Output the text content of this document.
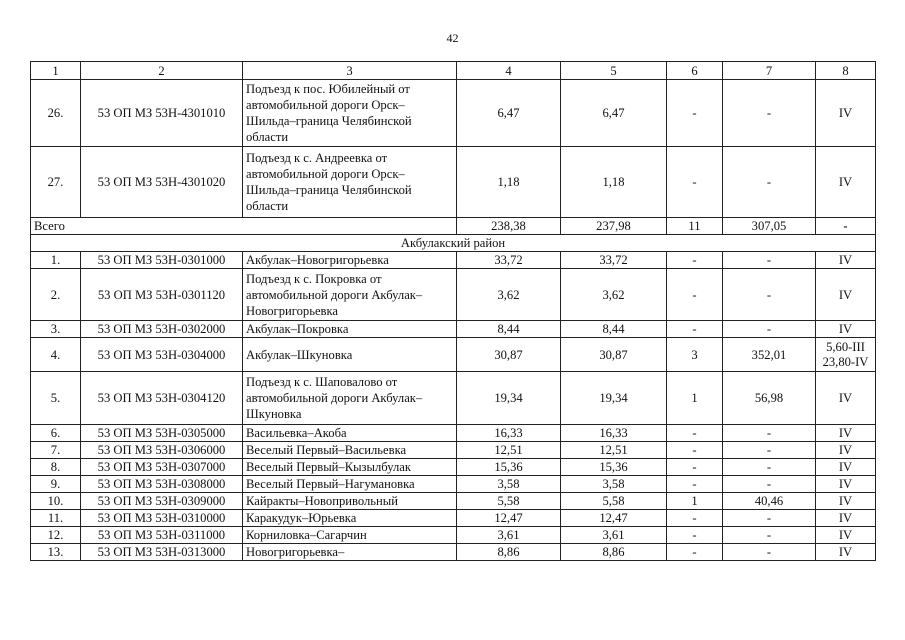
42
1	2	3	4	5	6	7	8
26.	53 ОП МЗ 53Н-4301010	Подъезд к пос. Юбилейный от автомобильной дороги Орск–Шильда–граница Челябинской области	6,47	6,47	-	-	IV
27.	53 ОП МЗ 53Н-4301020	Подъезд к с. Андреевка от автомобильной дороги Орск–Шильда–граница Челябинской области	1,18	1,18	-	-	IV
Всего			238,38	237,98	11	307,05	-
Акбулакский район							
1.	53 ОП МЗ 53Н-0301000	Акбулак–Новогригорьевка	33,72	33,72	-	-	IV
2.	53 ОП МЗ 53Н-0301120	Подъезд к с. Покровка от автомобильной дороги Акбулак–Новогригорьевка	3,62	3,62	-	-	IV
3.	53 ОП МЗ 53Н-0302000	Акбулак–Покровка	8,44	8,44	-	-	IV
4.	53 ОП МЗ 53Н-0304000	Акбулак–Шкуновка	30,87	30,87	3	352,01	5,60-III 23,80-IV
5.	53 ОП МЗ 53Н-0304120	Подъезд к с. Шаповалово от автомобильной дороги Акбулак–Шкуновка	19,34	19,34	1	56,98	IV
6.	53 ОП МЗ 53Н-0305000	Васильевка–Акоба	16,33	16,33	-	-	IV
7.	53 ОП МЗ 53Н-0306000	Веселый Первый–Васильевка	12,51	12,51	-	-	IV
8.	53 ОП МЗ 53Н-0307000	Веселый Первый–Кызылбулак	15,36	15,36	-	-	IV
9.	53 ОП МЗ 53Н-0308000	Веселый Первый–Нагумановка	3,58	3,58	-	-	IV
10.	53 ОП МЗ 53Н-0309000	Кайракты–Новопривольный	5,58	5,58	1	40,46	IV
11.	53 ОП МЗ 53Н-0310000	Каракудук–Юрьевка	12,47	12,47	-	-	IV
12.	53 ОП МЗ 53Н-0311000	Корниловка–Сагарчин	3,61	3,61	-	-	IV
13.	53 ОП МЗ 53Н-0313000	Новогригорьевка–	8,86	8,86	-	-	IV
